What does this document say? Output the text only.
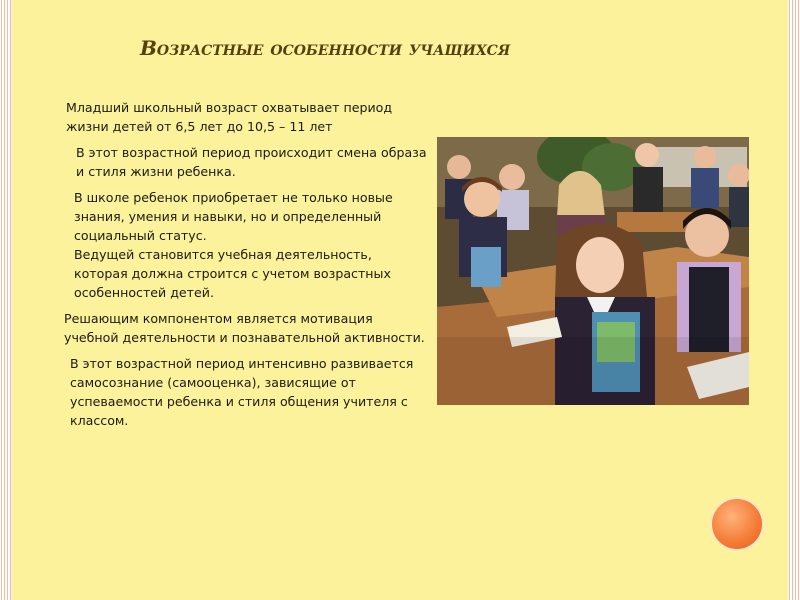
Возрастные особенности учащихся

Младший школьный возраст охватывает период жизни детей от 6,5 лет до 10,5 – 11 лет

В этот возрастной период происходит смена образа и стиля жизни ребенка.

В школе ребенок приобретает не только новые знания, умения и навыки, но и определенный социальный статус.
Ведущей становится учебная деятельность, которая должна строится с учетом возрастных особенностей детей.

Решающим компонентом является мотивация учебной деятельности и познавательной активности.

В этот возрастной период интенсивно развивается самосознание (самооценка), зависящие от успеваемости ребенка и стиля общения учителя с классом.
